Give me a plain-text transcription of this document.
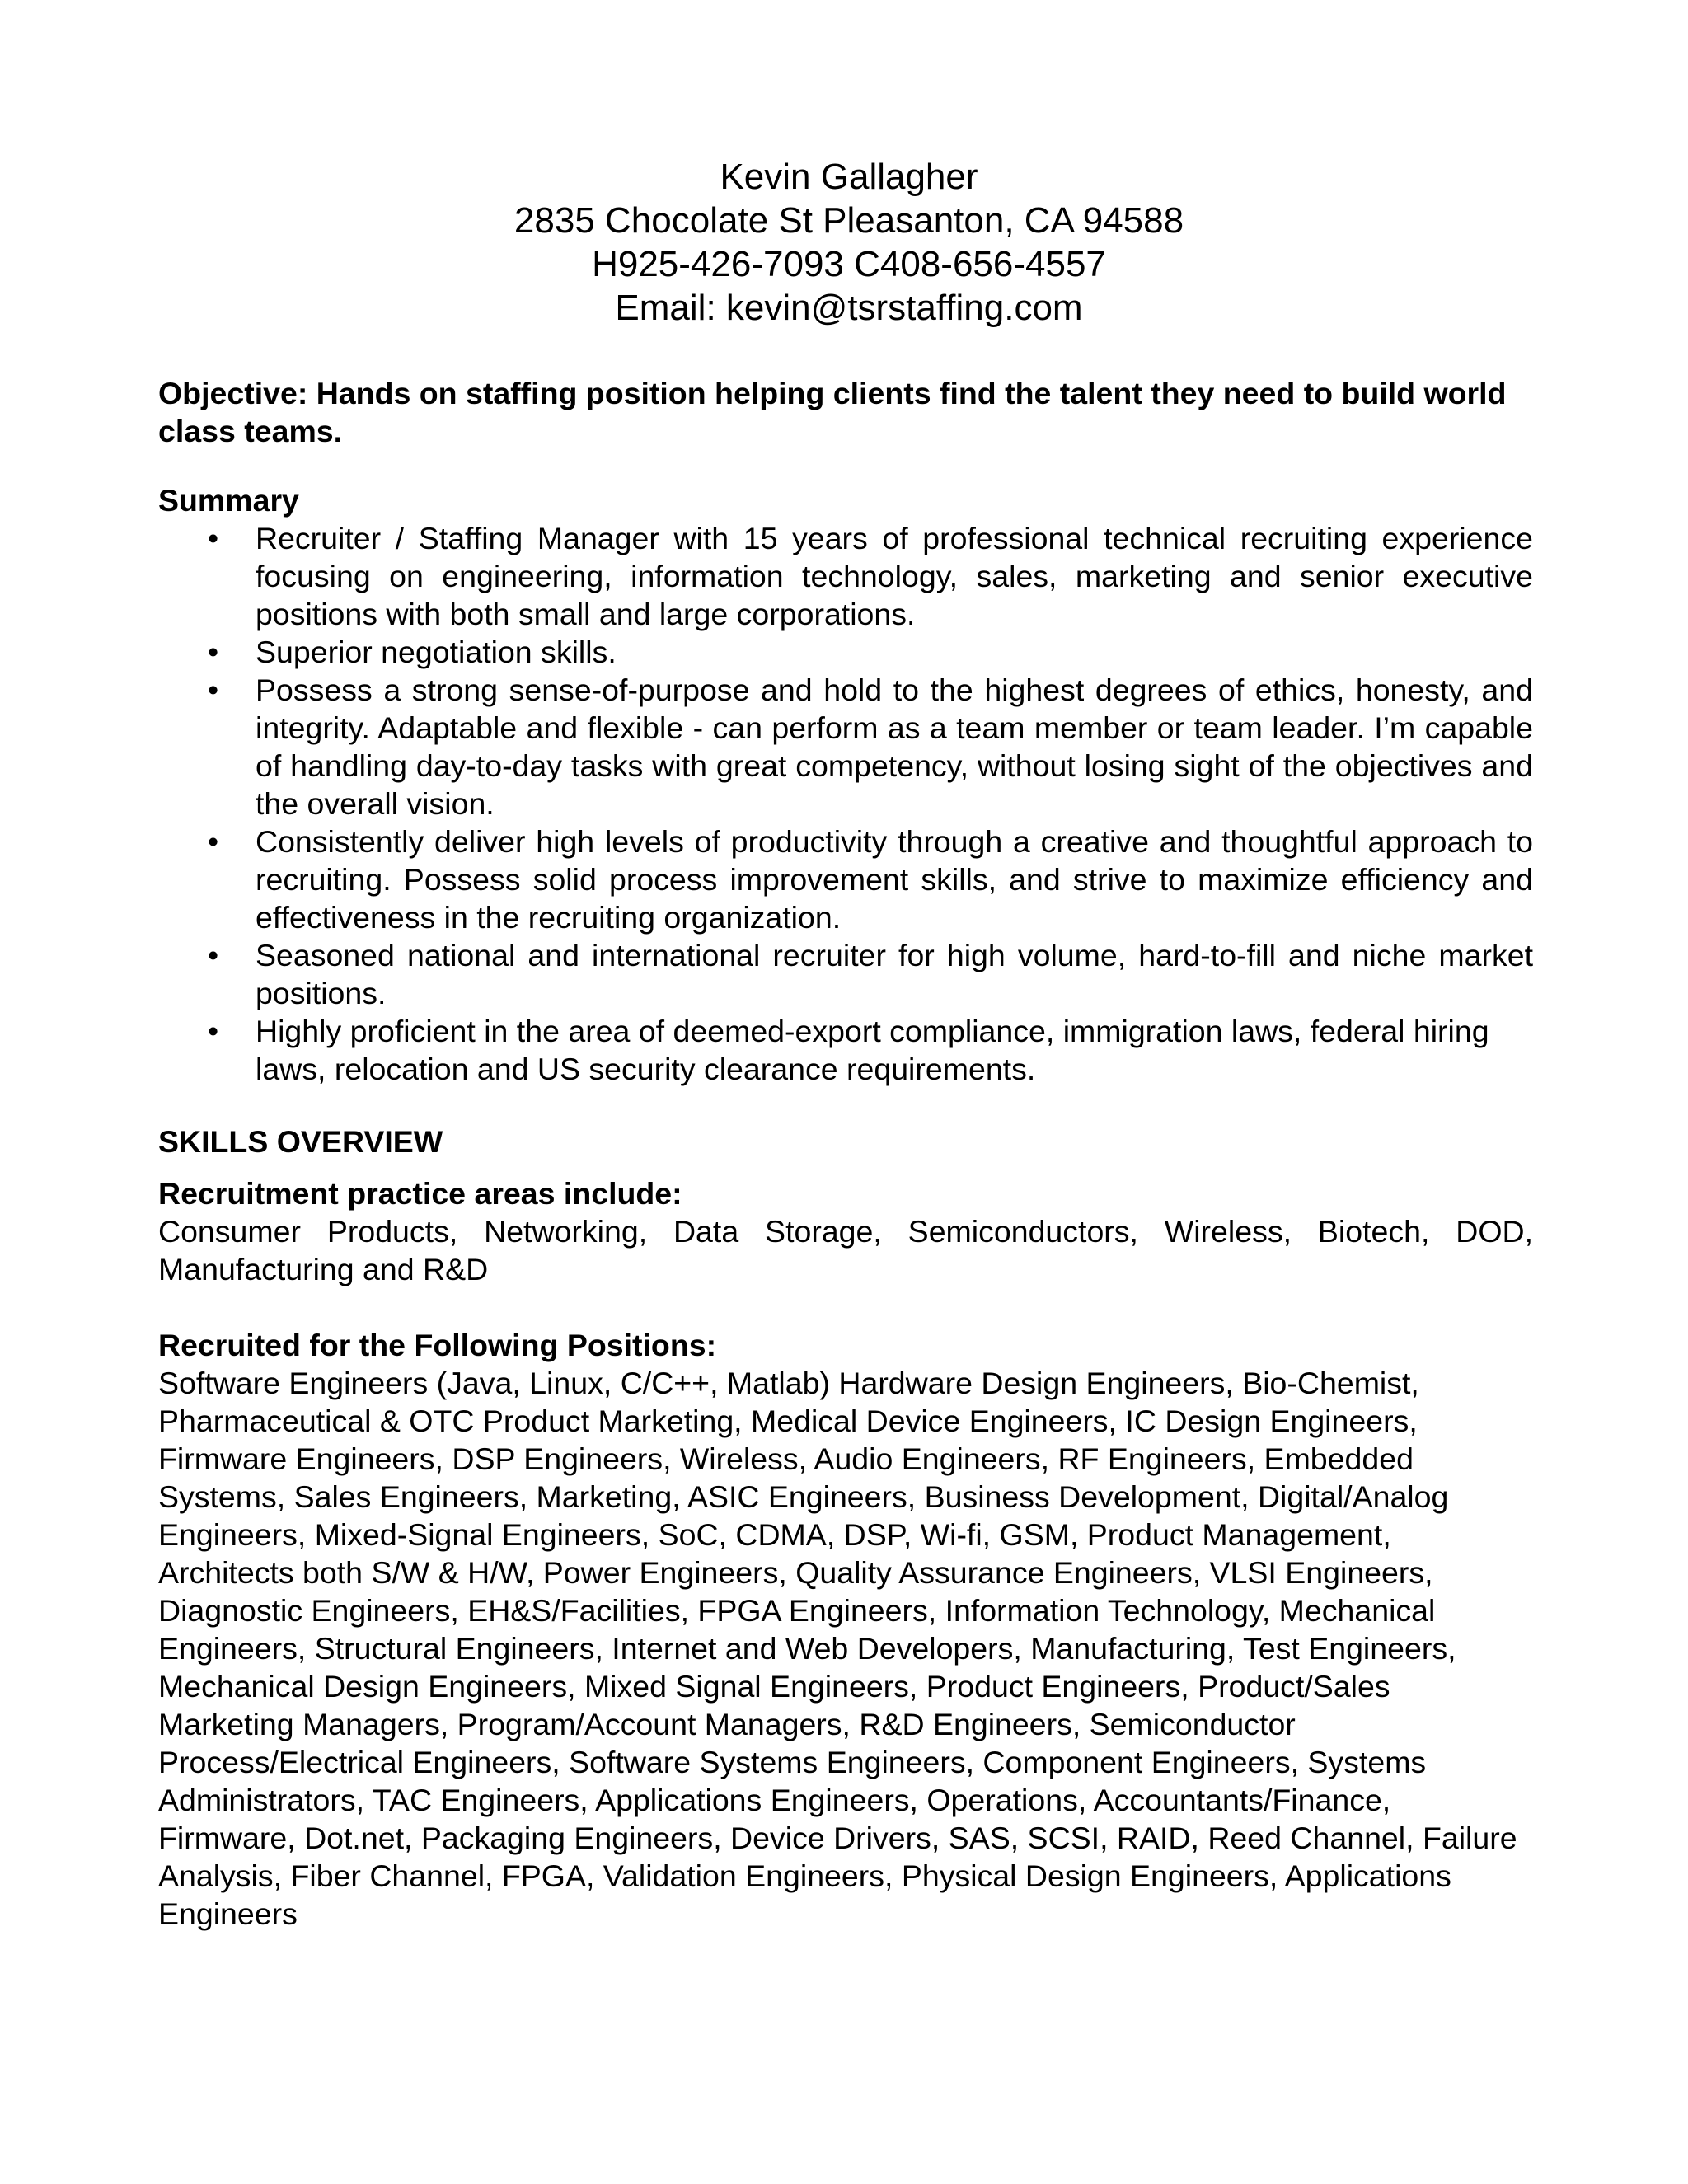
Kevin Gallagher
2835 Chocolate St Pleasanton, CA 94588
H925-426-7093 C408-656-4557
Email: kevin@tsrstaffing.com
Objective: Hands on staffing position helping clients find the talent they need to build world class teams.
Summary
• Recruiter / Staffing Manager with 15 years of professional technical recruiting experience focusing on engineering, information technology, sales, marketing and senior executive positions with both small and large corporations.
• Superior negotiation skills.
• Possess a strong sense-of-purpose and hold to the highest degrees of ethics, honesty, and integrity. Adaptable and flexible - can perform as a team member or team leader. I’m capable of handling day-to-day tasks with great competency, without losing sight of the objectives and the overall vision.
• Consistently deliver high levels of productivity through a creative and thoughtful approach to recruiting. Possess solid process improvement skills, and strive to maximize efficiency and effectiveness in the recruiting organization.
• Seasoned national and international recruiter for high volume, hard-to-fill and niche market positions.
• Highly proficient in the area of deemed-export compliance, immigration laws, federal hiring laws, relocation and US security clearance requirements.
SKILLS OVERVIEW
Recruitment practice areas include:
Consumer Products, Networking, Data Storage, Semiconductors, Wireless, Biotech, DOD, Manufacturing and R&D
Recruited for the Following Positions:
Software Engineers (Java, Linux, C/C++, Matlab) Hardware Design Engineers, Bio-Chemist, Pharmaceutical & OTC Product Marketing, Medical Device Engineers, IC Design Engineers, Firmware Engineers, DSP Engineers, Wireless, Audio Engineers, RF Engineers, Embedded Systems, Sales Engineers, Marketing, ASIC Engineers, Business Development, Digital/Analog Engineers, Mixed-Signal Engineers, SoC, CDMA, DSP, Wi-fi, GSM, Product Management, Architects both S/W & H/W, Power Engineers, Quality Assurance Engineers, VLSI Engineers, Diagnostic Engineers, EH&S/Facilities, FPGA Engineers, Information Technology, Mechanical Engineers, Structural Engineers, Internet and Web Developers, Manufacturing, Test Engineers, Mechanical Design Engineers, Mixed Signal Engineers, Product Engineers, Product/Sales Marketing Managers, Program/Account Managers, R&D Engineers, Semiconductor Process/Electrical Engineers, Software Systems Engineers, Component Engineers, Systems Administrators, TAC Engineers, Applications Engineers, Operations, Accountants/Finance, Firmware, Dot.net, Packaging Engineers, Device Drivers, SAS, SCSI, RAID, Reed Channel, Failure Analysis, Fiber Channel, FPGA, Validation Engineers, Physical Design Engineers, Applications Engineers
